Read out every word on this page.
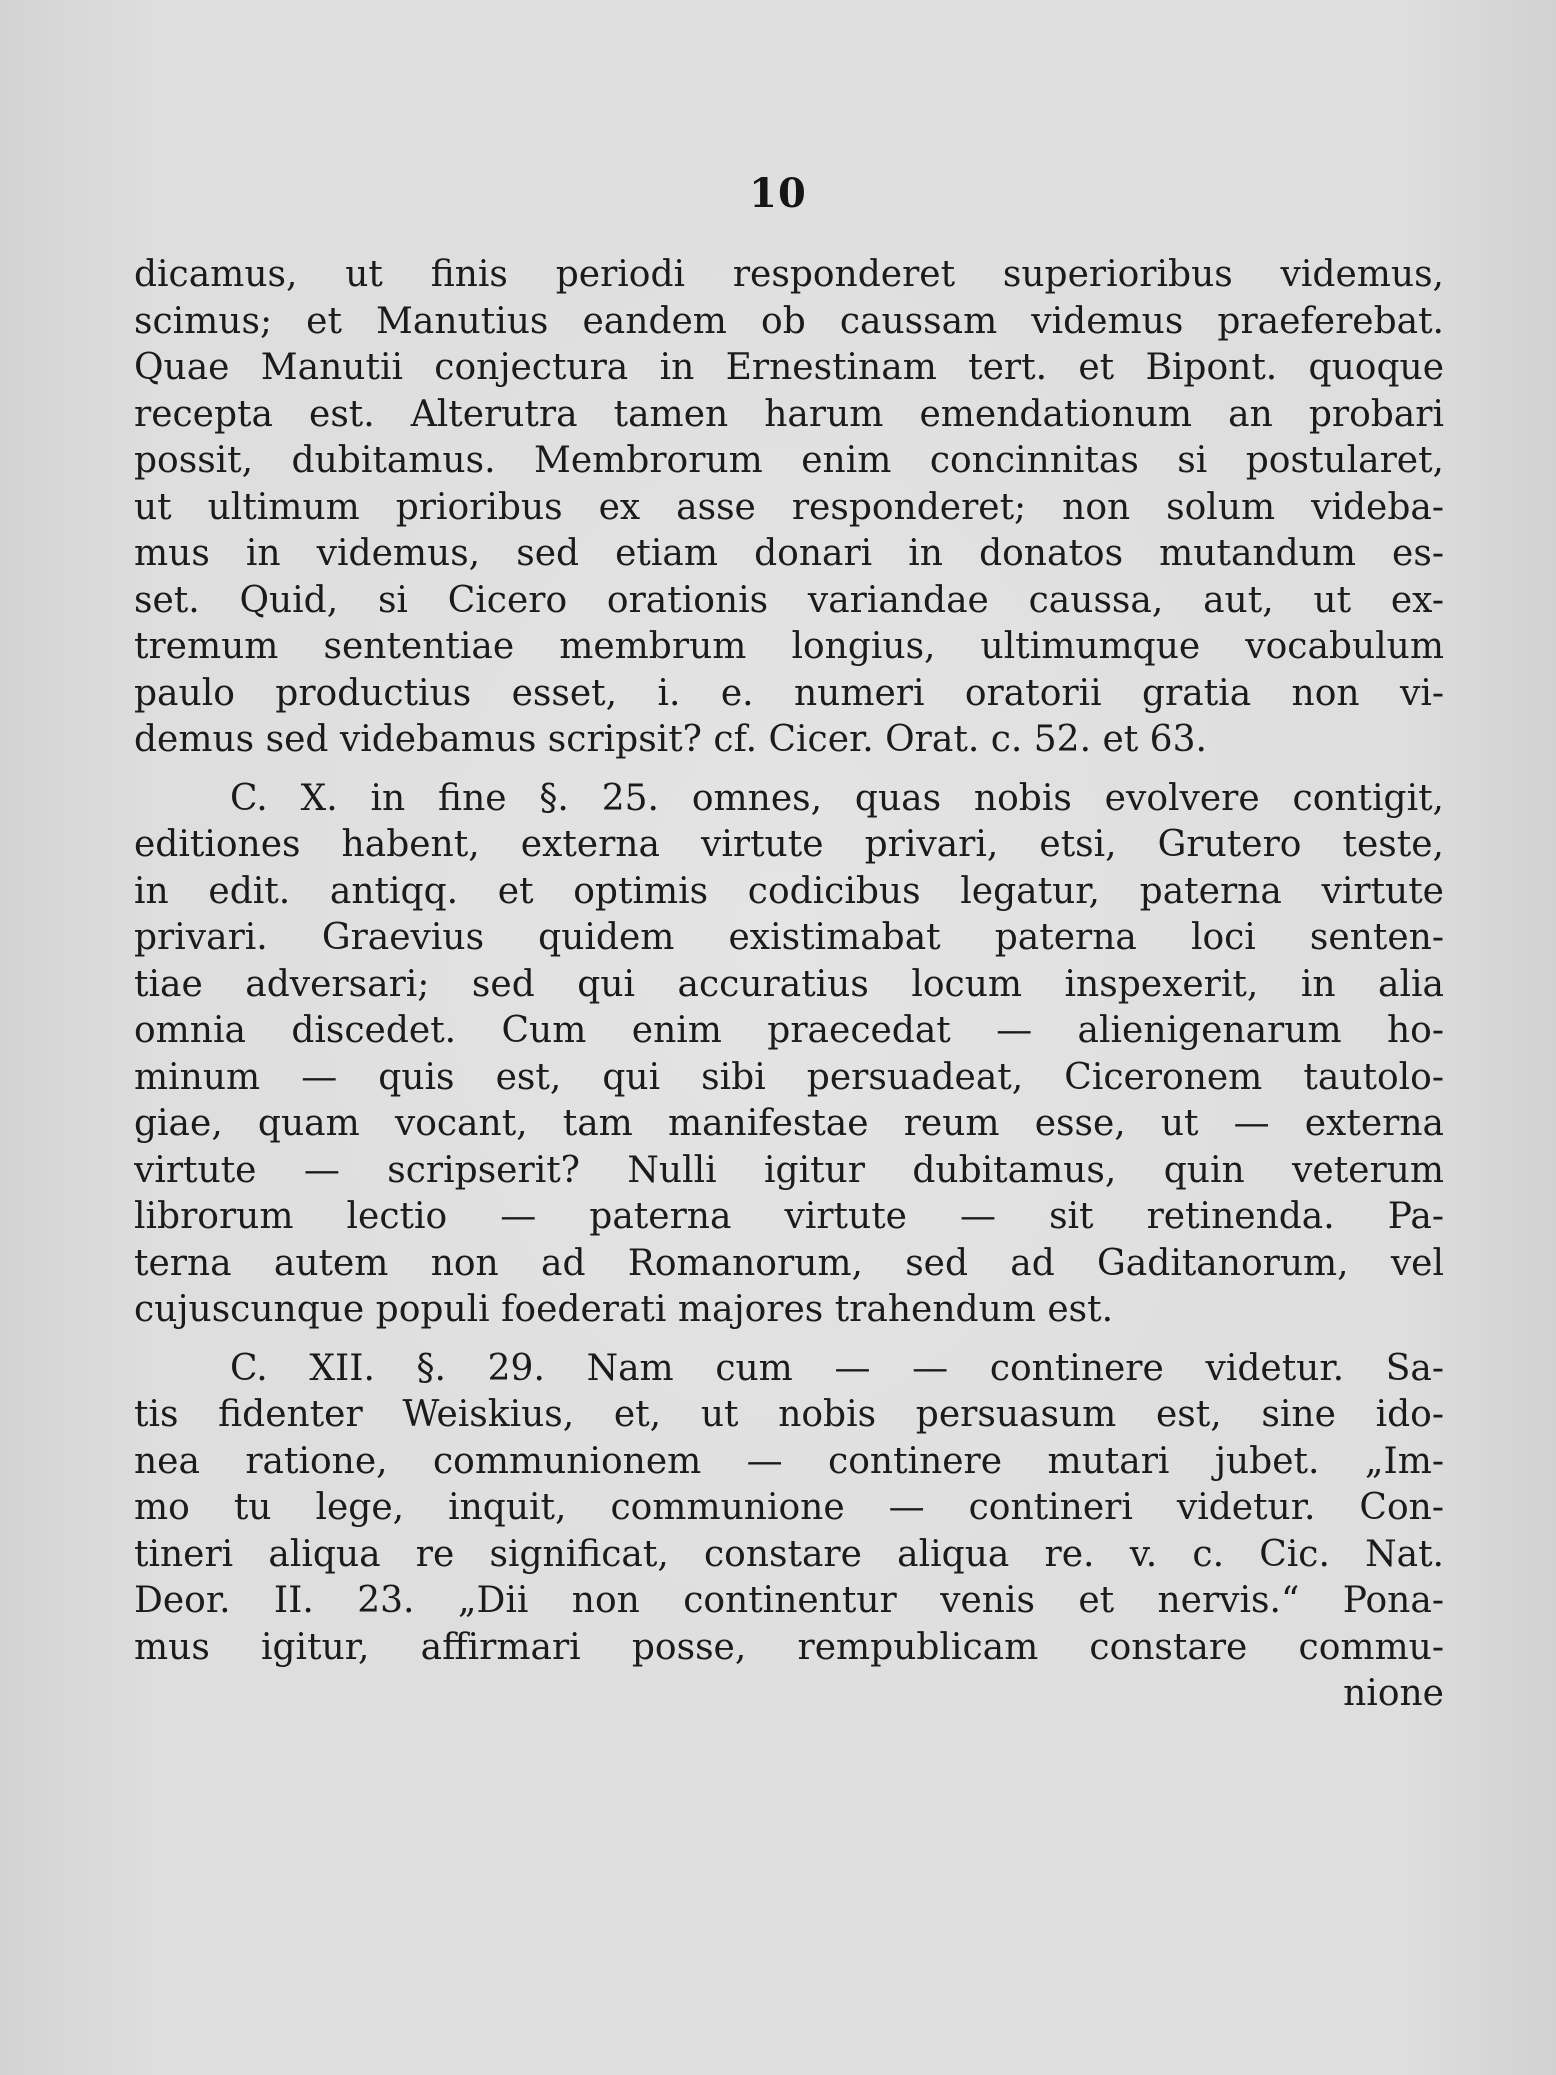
10
dicamus, ut finis periodi responderet superioribus videmus,
scimus; et Manutius eandem ob caussam videmus praeferebat.
Quae Manutii conjectura in Ernestinam tert. et Bipont. quoque
recepta est. Alterutra tamen harum emendationum an probari
possit, dubitamus. Membrorum enim concinnitas si postularet,
ut ultimum prioribus ex asse responderet; non solum videba-
mus in videmus, sed etiam donari in donatos mutandum es-
set. Quid, si Cicero orationis variandae caussa, aut, ut ex-
tremum sententiae membrum longius, ultimumque vocabulum
paulo productius esset, i. e. numeri oratorii gratia non vi-
demus sed videbamus scripsit? cf. Cicer. Orat. c. 52. et 63.
C. X. in fine §. 25. omnes, quas nobis evolvere contigit,
editiones habent, externa virtute privari, etsi, Grutero teste,
in edit. antiqq. et optimis codicibus legatur, paterna virtute
privari. Graevius quidem existimabat paterna loci senten-
tiae adversari; sed qui accuratius locum inspexerit, in alia
omnia discedet. Cum enim praecedat — alienigenarum ho-
minum — quis est, qui sibi persuadeat, Ciceronem tautolo-
giae, quam vocant, tam manifestae reum esse, ut — externa
virtute — scripserit? Nulli igitur dubitamus, quin veterum
librorum lectio — paterna virtute — sit retinenda. Pa-
terna autem non ad Romanorum, sed ad Gaditanorum, vel
cujuscunque populi foederati majores trahendum est.
C. XII. §. 29. Nam cum — — continere videtur. Sa-
tis fidenter Weiskius, et, ut nobis persuasum est, sine ido-
nea ratione, communionem — continere mutari jubet. „Im-
mo tu lege, inquit, communione — contineri videtur. Con-
tineri aliqua re significat, constare aliqua re. v. c. Cic. Nat.
Deor. II. 23. „Dii non continentur venis et nervis.“ Pona-
mus igitur, affirmari posse, rempublicam constare commu-
nione
